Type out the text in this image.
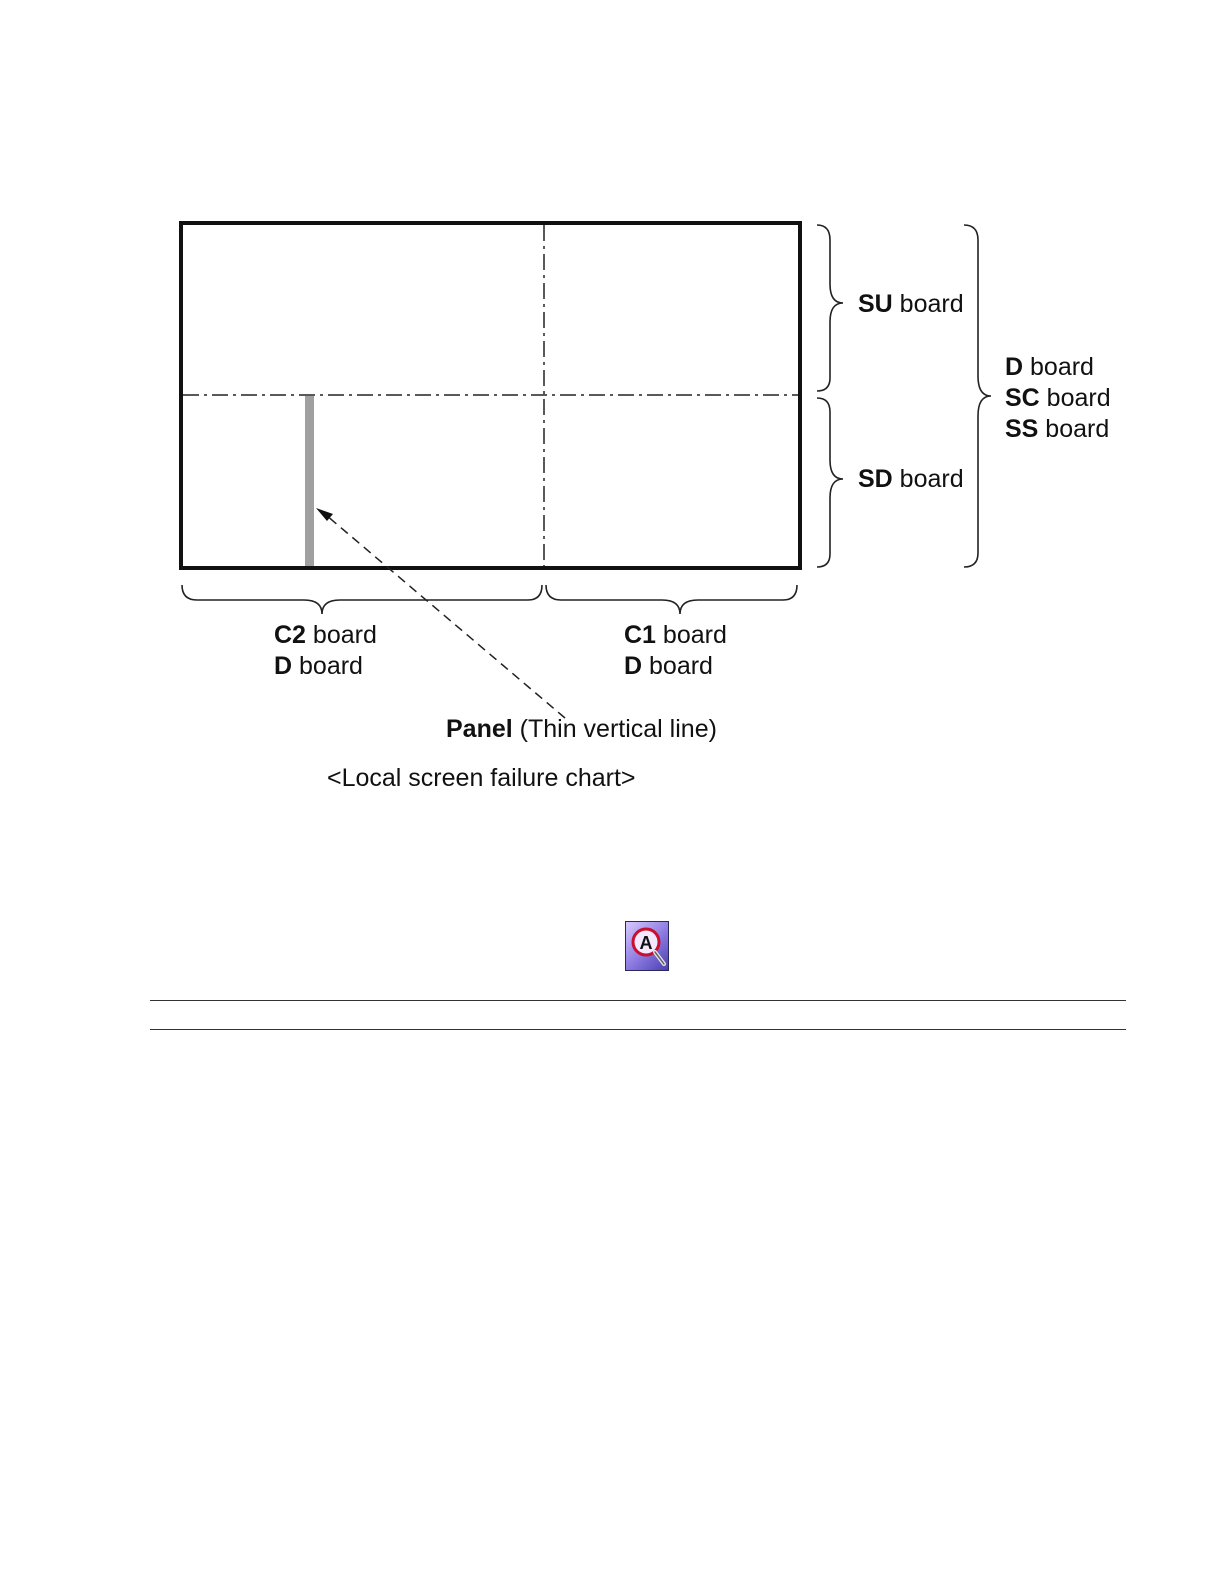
SU board
SD board
D board
SC board
SS board
C2 board
D board
C1 board
D board
Panel (Thin vertical line)
<Local screen failure chart>
A
